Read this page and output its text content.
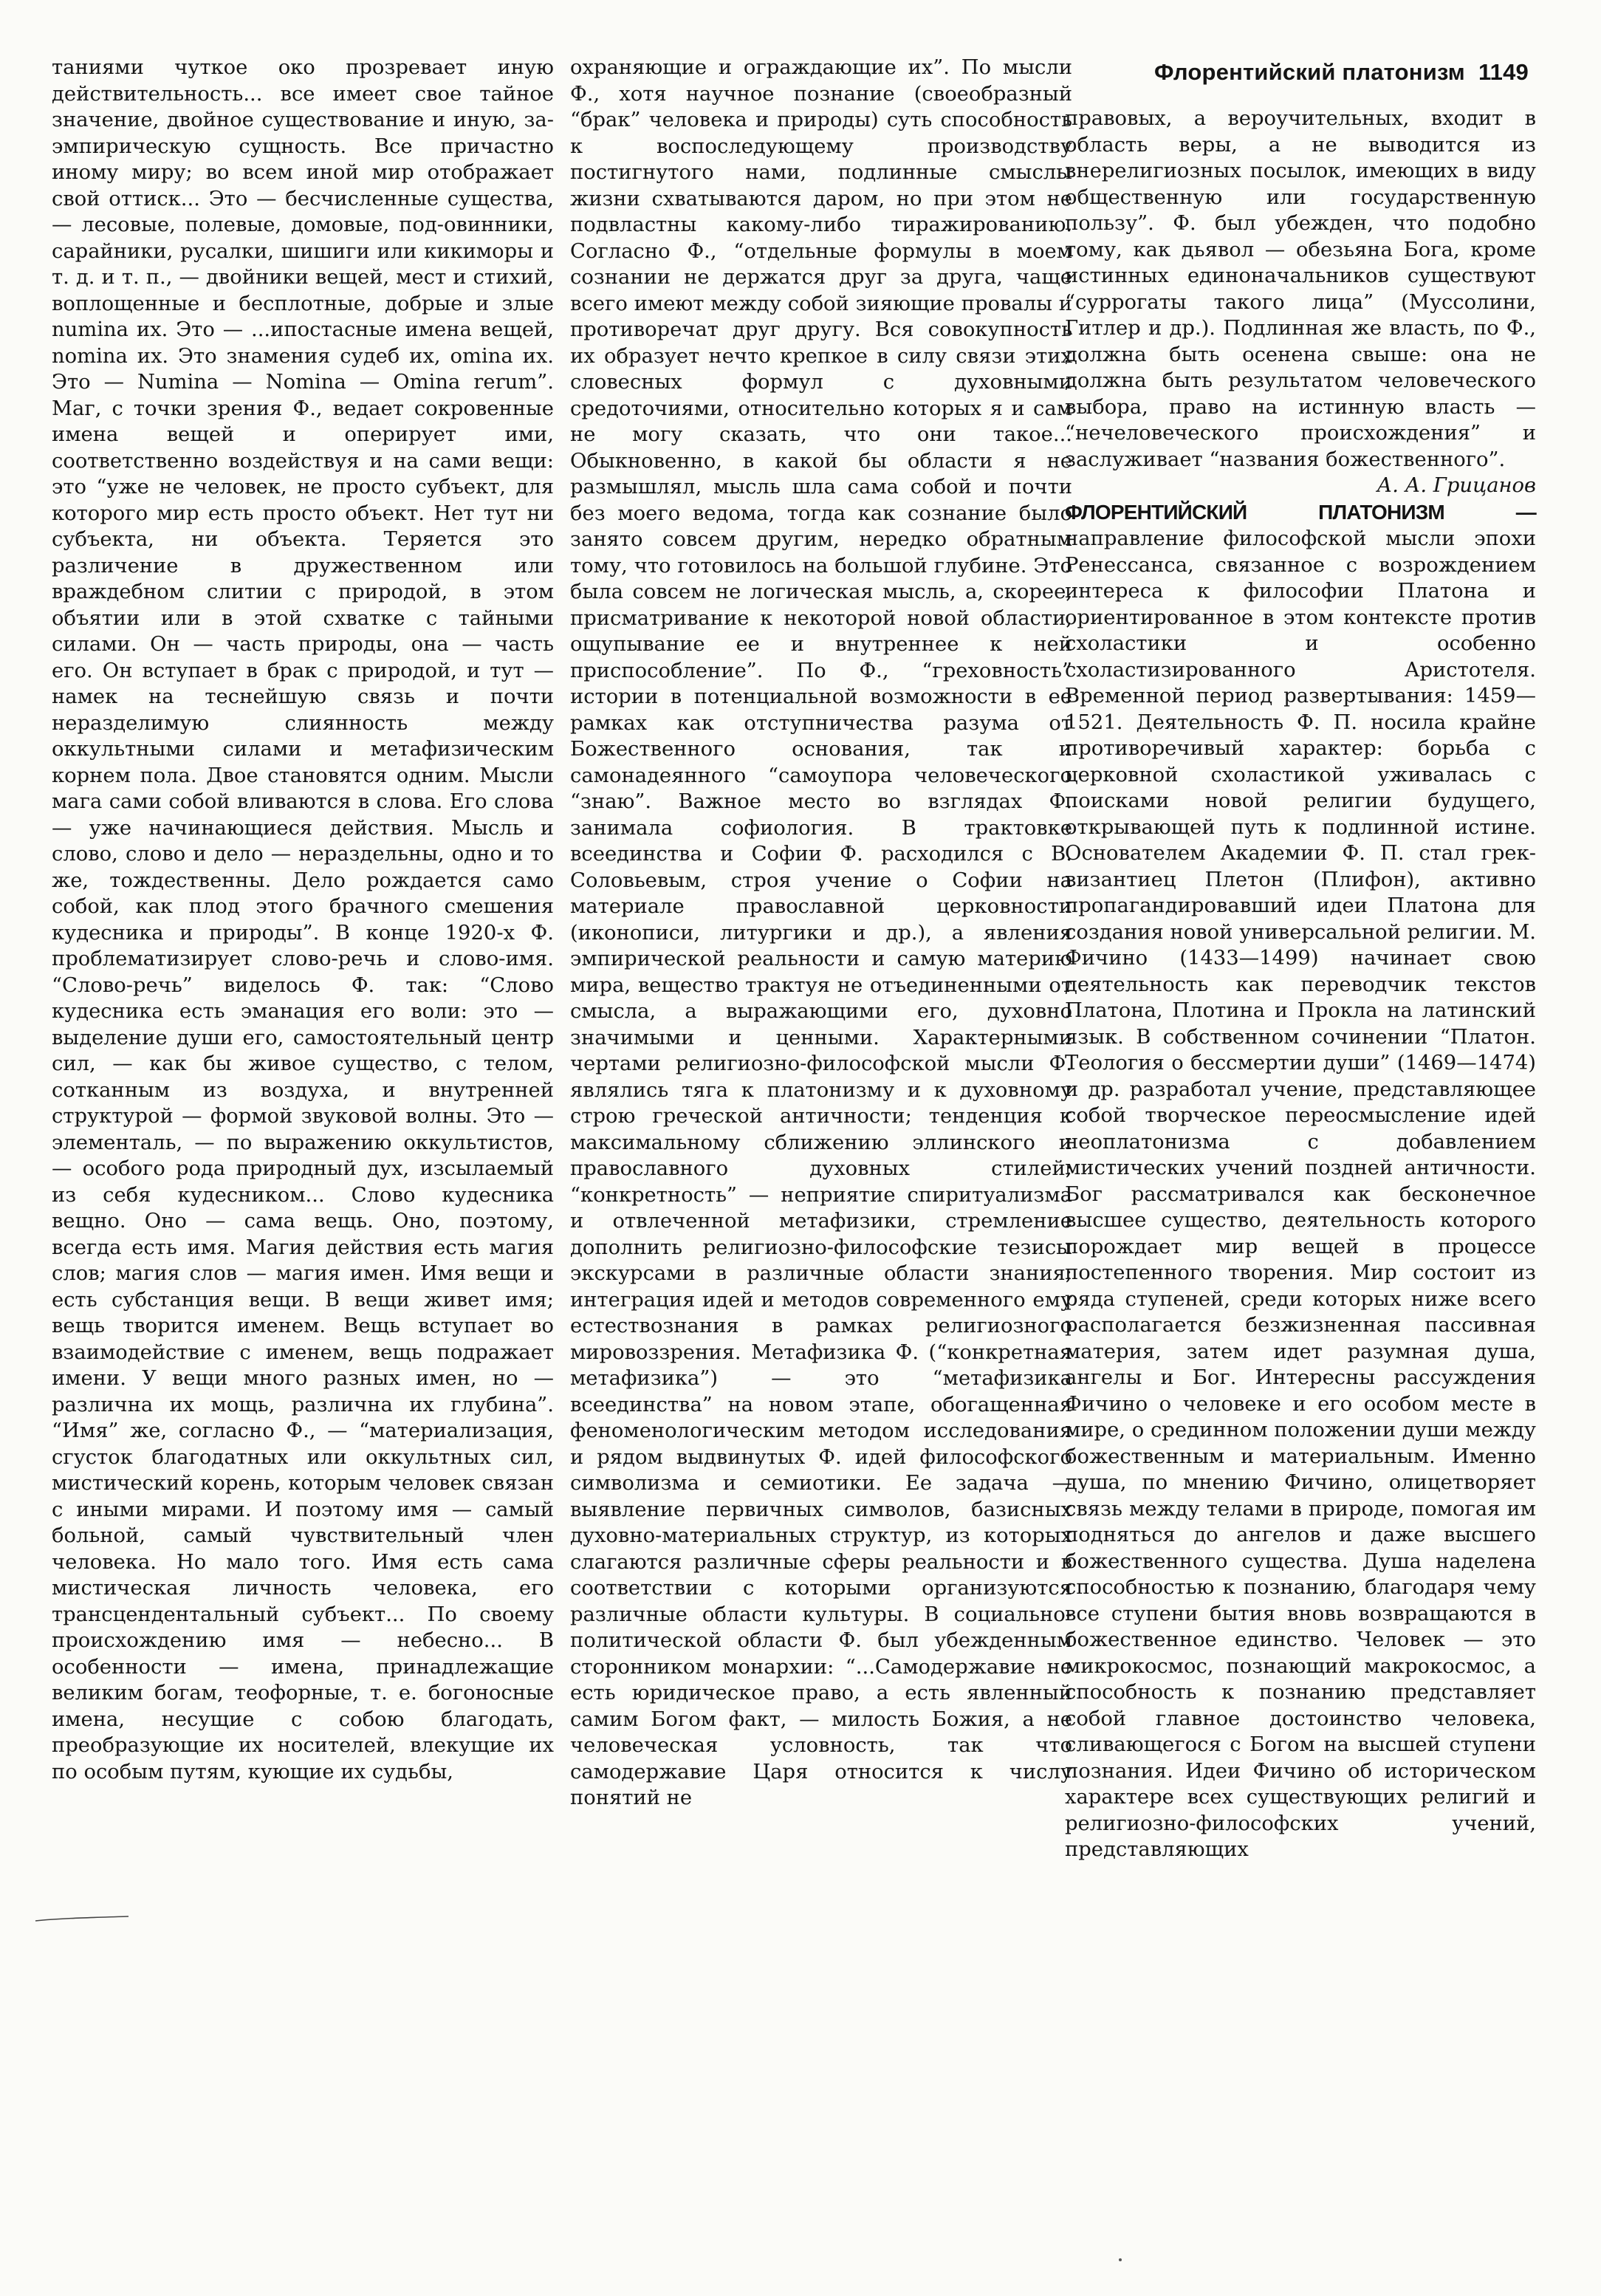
Флорентийский платонизм 1149

таниями чуткое око прозревает иную действительность... все имеет свое тайное значение, двойное существование и иную, за-эмпирическую сущность. Все причастно иному миру; во всем иной мир отображает свой оттиск... Это — бесчисленные существа, — лесовые, полевые, домовые, под-овинники, сарайники, русалки, шишиги или кикиморы и т. д. и т. п., — двойники вещей, мест и стихий, воплощенные и бесплотные, добрые и злые numina их. Это — ...ипостасные имена вещей, nomina их. Это знамения судеб их, omina их. Это — Numina — Nomina — Omina rerum”. Маг, с точки зрения Ф., ведает сокровенные имена вещей и оперирует ими, соответственно воздействуя и на сами вещи: это “уже не человек, не просто субъект, для которого мир есть просто объект. Нет тут ни субъекта, ни объекта. Теряется это различение в дружественном или враждебном слитии с природой, в этом объятии или в этой схватке с тайными силами. Он — часть природы, она — часть его. Он вступает в брак с природой, и тут — намек на теснейшую связь и почти неразделимую слиянность между оккультными силами и метафизическим корнем пола. Двое становятся одним. Мысли мага сами собой вливаются в слова. Его слова — уже начинающиеся действия. Мысль и слово, слово и дело — нераздельны, одно и то же, тождественны. Дело рождается само собой, как плод этого брачного смешения кудесника и природы”. В конце 1920-х Ф. проблематизирует слово-речь и слово-имя. “Слово-речь” виделось Ф. так: “Слово кудесника есть эманация его воли: это — выделение души его, самостоятельный центр сил, — как бы живое существо, с телом, сотканным из воздуха, и внутренней структурой — формой звуковой волны. Это — элементаль, — по выражению оккультистов, — особого рода природный дух, изсылаемый из себя кудесником... Слово кудесника вещно. Оно — сама вещь. Оно, поэтому, всегда есть имя. Магия действия есть магия слов; магия слов — магия имен. Имя вещи и есть субстанция вещи. В вещи живет имя; вещь творится именем. Вещь вступает во взаимодействие с именем, вещь подражает имени. У вещи много разных имен, но — различна их мощь, различна их глубина”. “Имя” же, согласно Ф., — “материализация, сгусток благодатных или оккультных сил, мистический корень, которым человек связан с иными мирами. И поэтому имя — самый больной, самый чувствительный член человека. Но мало того. Имя есть сама мистическая личность человека, его трансцендентальный субъект... По своему происхождению имя — небесно... В особенности — имена, принадлежащие великим богам, теофорные, т. е. богоносные имена, несущие с собою благодать, преобразующие их носителей, влекущие их по особым путям, кующие их судьбы,

охраняющие и ограждающие их”. По мысли Ф., хотя научное познание (своеобразный “брак” человека и природы) суть способность к воспоследующему производству постигнутого нами, подлинные смыслы жизни схватываются даром, но при этом не подвластны какому-либо тиражированию. Согласно Ф., “отдельные формулы в моем сознании не держатся друг за друга, чаще всего имеют между собой зияющие провалы и противоречат друг другу. Вся совокупность их образует нечто крепкое в силу связи этих словесных формул с духовными средоточиями, относительно которых я и сам не могу сказать, что они такое... Обыкновенно, в какой бы области я не размышлял, мысль шла сама собой и почти без моего ведома, тогда как сознание было занято совсем другим, нередко обратным тому, что готовилось на большой глубине. Это была совсем не логическая мысль, а, скорее, присматривание к некоторой новой области, ощупывание ее и внутреннее к ней приспособление”. По Ф., “греховность” истории в потенциальной возможности в ее рамках как отступничества разума от Божественного основания, так и самонадеянного “самоупора человеческого “знаю”. Важное место во взглядах Ф. занимала софиология. В трактовке всеединства и Софии Ф. расходился с В. Соловьевым, строя учение о Софии на материале православной церковности (иконописи, литургики и др.), а явления эмпирической реальности и самую материю мира, вещество трактуя не отъединенными от смысла, а выражающими его, духовно значимыми и ценными. Характерными чертами религиозно-философской мысли Ф. являлись тяга к платонизму и к духовному строю греческой античности; тенденция к максимальному сближению эллинского и православного духовных стилей; “конкретность” — неприятие спиритуализма и отвлеченной метафизики, стремление дополнить религиозно-философские тезисы экскурсами в различные области знания; интеграция идей и методов современного ему естествознания в рамках религиозного мировоззрения. Метафизика Ф. (“конкретная метафизика”) — это “метафизика всеединства” на новом этапе, обогащенная феноменологическим методом исследования и рядом выдвинутых Ф. идей философского символизма и семиотики. Ее задача — выявление первичных символов, базисных духовно-материальных структур, из которых слагаются различные сферы реальности и в соответствии с которыми организуются различные области культуры. В социально-политической области Ф. был убежденным сторонником монархии: “...Самодержавие не есть юридическое право, а есть явленный самим Богом факт, — милость Божия, а не человеческая условность, так что самодержавие Царя относится к числу понятий не

правовых, а вероучительных, входит в область веры, а не выводится из внерелигиозных посылок, имеющих в виду общественную или государственную пользу”. Ф. был убежден, что подобно тому, как дьявол — обезьяна Бога, кроме истинных единоначальников существуют “суррогаты такого лица” (Муссолини, Гитлер и др.). Подлинная же власть, по Ф., должна быть осенена свыше: она не должна быть результатом человеческого выбора, право на истинную власть — “нечеловеческого происхождения” и заслуживает “названия божественного”.

А. А. Грицанов

ФЛОРЕНТИЙСКИЙ ПЛАТОНИЗМ — направление философской мысли эпохи Ренессанса, связанное с возрождением интереса к философии Платона и ориентированное в этом контексте против схоластики и особенно схоластизированного Аристотеля. Временной период развертывания: 1459—1521. Деятельность Ф. П. носила крайне противоречивый характер: борьба с церковной схоластикой уживалась с поисками новой религии будущего, открывающей путь к подлинной истине. Основателем Академии Ф. П. стал грек-византиец Плетон (Плифон), активно пропагандировавший идеи Платона для создания новой универсальной религии. М. Фичино (1433—1499) начинает свою деятельность как переводчик текстов Платона, Плотина и Прокла на латинский язык. В собственном сочинении “Платон. Теология о бессмертии души” (1469—1474) и др. разработал учение, представляющее собой творческое переосмысление идей неоплатонизма с добавлением мистических учений поздней античности. Бог рассматривался как бесконечное высшее существо, деятельность которого порождает мир вещей в процессе постепенного творения. Мир состоит из ряда ступеней, среди которых ниже всего располагается безжизненная пассивная материя, затем идет разумная душа, ангелы и Бог. Интересны рассуждения Фичино о человеке и его особом месте в мире, о срединном положении души между божественным и материальным. Именно душа, по мнению Фичино, олицетворяет связь между телами в природе, помогая им подняться до ангелов и даже высшего божественного существа. Душа наделена способностью к познанию, благодаря чему все ступени бытия вновь возвращаются в божественное единство. Человек — это микрокосмос, познающий макрокосмос, а способность к познанию представляет собой главное достоинство человека, сливающегося с Богом на высшей ступени познания. Идеи Фичино об историческом характере всех существующих религий и религиозно-философских учений, представляющих
